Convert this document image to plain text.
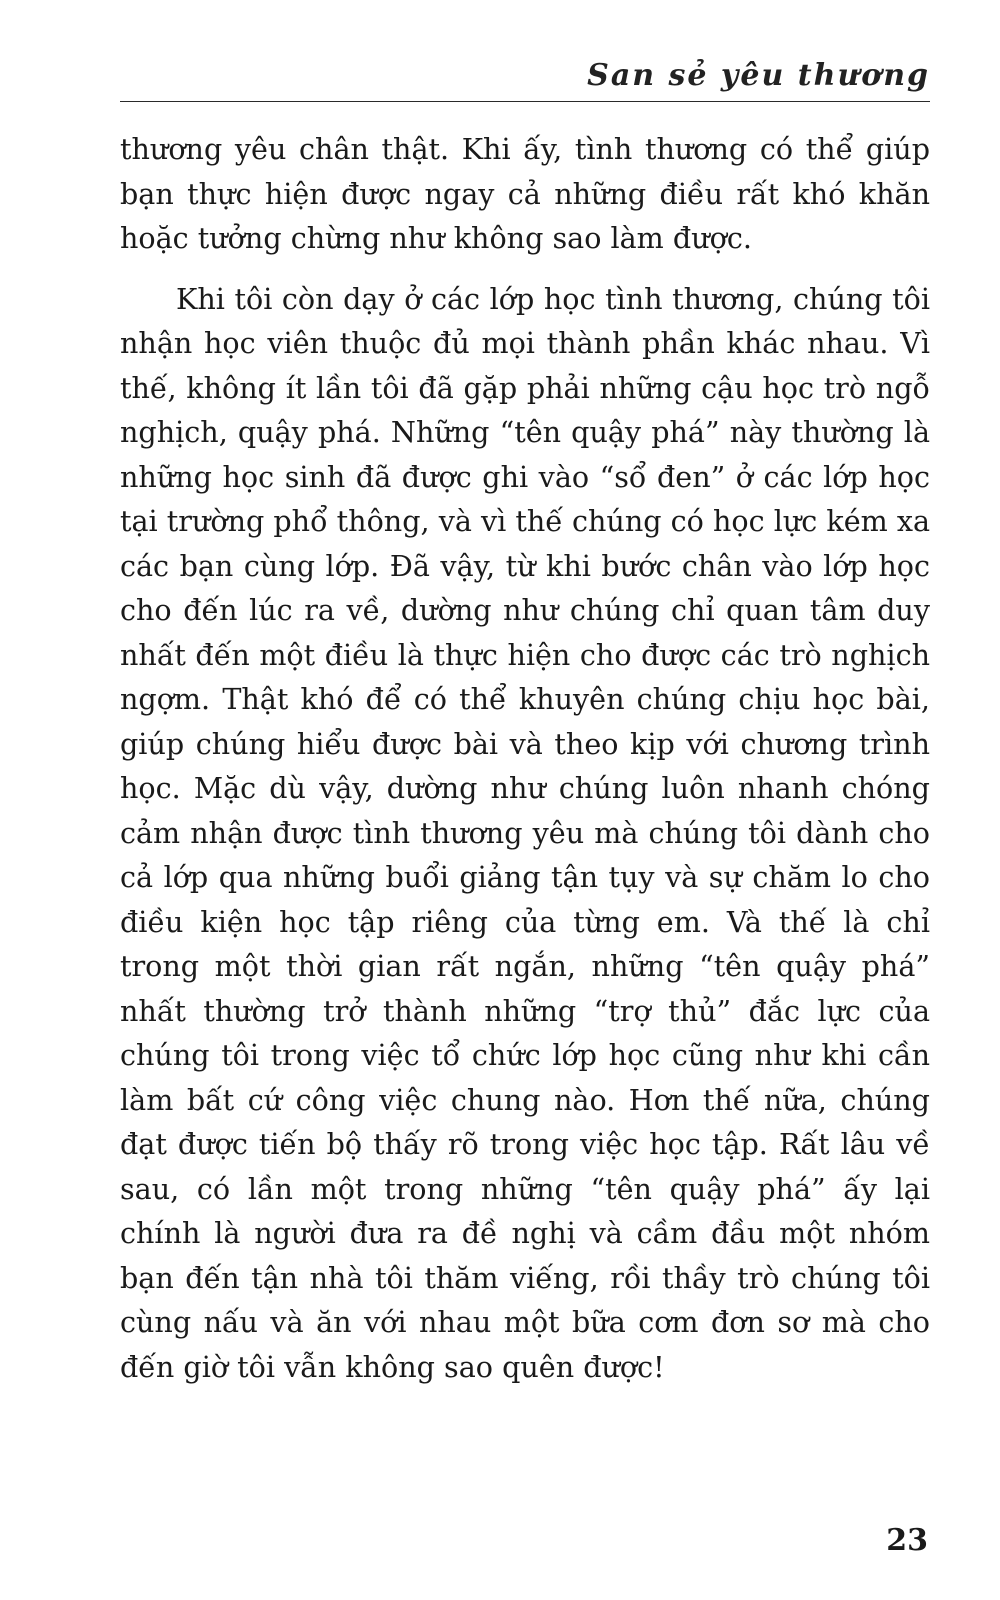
San sẻ yêu thương

thương yêu chân thật. Khi ấy, tình thương có thể giúp bạn thực hiện được ngay cả những điều rất khó khăn hoặc tưởng chừng như không sao làm được.

Khi tôi còn dạy ở các lớp học tình thương, chúng tôi nhận học viên thuộc đủ mọi thành phần khác nhau. Vì thế, không ít lần tôi đã gặp phải những cậu học trò ngỗ nghịch, quậy phá. Những “tên quậy phá” này thường là những học sinh đã được ghi vào “sổ đen” ở các lớp học tại trường phổ thông, và vì thế chúng có học lực kém xa các bạn cùng lớp. Đã vậy, từ khi bước chân vào lớp học cho đến lúc ra về, dường như chúng chỉ quan tâm duy nhất đến một điều là thực hiện cho được các trò nghịch ngợm. Thật khó để có thể khuyên chúng chịu học bài, giúp chúng hiểu được bài và theo kịp với chương trình học. Mặc dù vậy, dường như chúng luôn nhanh chóng cảm nhận được tình thương yêu mà chúng tôi dành cho cả lớp qua những buổi giảng tận tụy và sự chăm lo cho điều kiện học tập riêng của từng em. Và thế là chỉ trong một thời gian rất ngắn, những “tên quậy phá” nhất thường trở thành những “trợ thủ” đắc lực của chúng tôi trong việc tổ chức lớp học cũng như khi cần làm bất cứ công việc chung nào. Hơn thế nữa, chúng đạt được tiến bộ thấy rõ trong việc học tập. Rất lâu về sau, có lần một trong những “tên quậy phá” ấy lại chính là người đưa ra đề nghị và cầm đầu một nhóm bạn đến tận nhà tôi thăm viếng, rồi thầy trò chúng tôi cùng nấu và ăn với nhau một bữa cơm đơn sơ mà cho đến giờ tôi vẫn không sao quên được!

23
